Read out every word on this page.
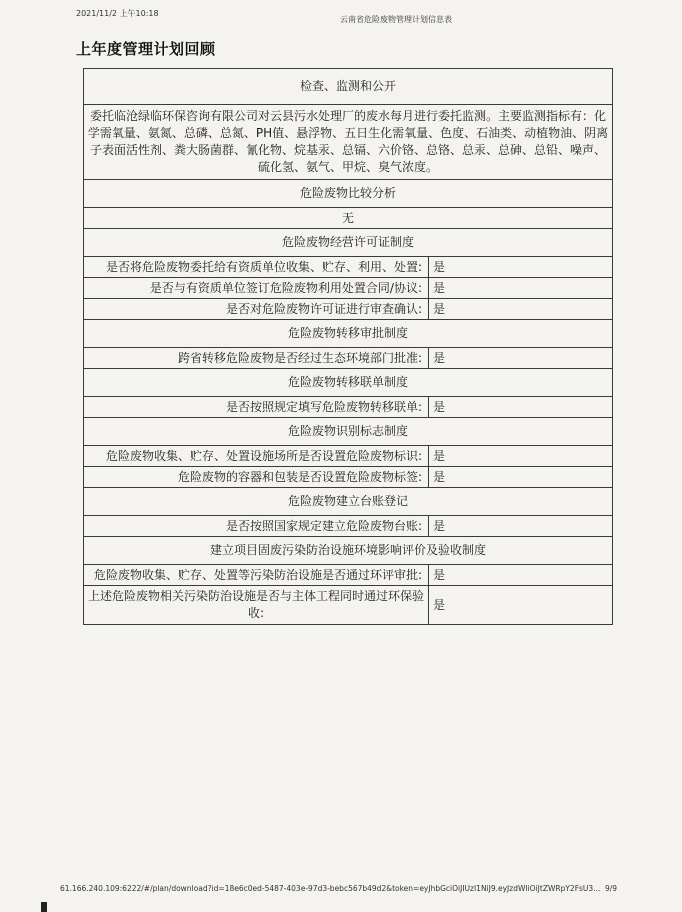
2021/11/2 上午10:18
云南省危险废物管理计划信息表
上年度管理计划回顾
检查、监测和公开	
委托临沧绿临环保咨询有限公司对云县污水处理厂的废水每月进行委托监测。主要监测指标有：化学需氧量、氨氮、总磷、总氮、PH值、悬浮物、五日生化需氧量、色度、石油类、动植物油、阴离子表面活性剂、粪大肠菌群、氰化物、烷基汞、总镉、六价铬、总铬、总汞、总砷、总铅、噪声、硫化氢、氨气、甲烷、臭气浓度。	
危险废物比较分析	
无	
危险废物经营许可证制度	
是否将危险废物委托给有资质单位收集、贮存、利用、处置:	是
是否与有资质单位签订危险废物利用处置合同/协议:	是
是否对危险废物许可证进行审查确认:	是
危险废物转移审批制度	
跨省转移危险废物是否经过生态环境部门批准:	是
危险废物转移联单制度	
是否按照规定填写危险废物转移联单:	是
危险废物识别标志制度	
危险废物收集、贮存、处置设施场所是否设置危险废物标识:	是
危险废物的容器和包装是否设置危险废物标签:	是
危险废物建立台账登记	
是否按照国家规定建立危险废物台账:	是
建立项目固废污染防治设施环境影响评价及验收制度	
危险废物收集、贮存、处置等污染防治设施是否通过环评审批:	是
上述危险废物相关污染防治设施是否与主体工程同时通过环保验收:	是
61.166.240.109:6222/#/plan/download?id=18e6c0ed-5487-403e-97d3-bebc567b49d2&token=eyJhbGciOiJIUzI1NiJ9.eyJzdWIiOiJtZWRpY2FsU3... 9/9
